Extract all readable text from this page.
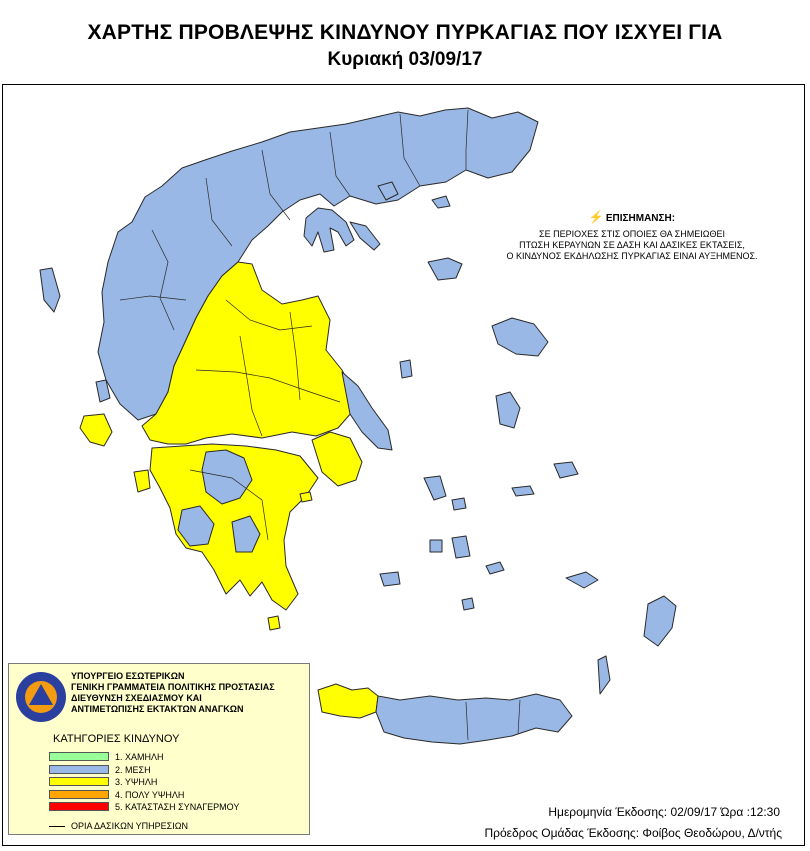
ΧΑΡΤΗΣ ΠΡΟΒΛΕΨΗΣ ΚΙΝΔΥΝΟΥ ΠΥΡΚΑΓΙΑΣ ΠΟΥ ΙΣΧΥΕΙ ΓΙΑ
Κυριακή 03/09/17
⚡ ΕΠΙΣΗΜΑΝΣΗ:
ΣΕ ΠΕΡΙΟΧΕΣ ΣΤΙΣ ΟΠΟΙΕΣ ΘΑ ΣΗΜΕΙΩΘΕΙ
ΠΤΩΣΗ ΚΕΡΑΥΝΩΝ ΣΕ ΔΑΣΗ ΚΑΙ ΔΑΣΙΚΕΣ ΕΚΤΑΣΕΙΣ,
Ο ΚΙΝΔΥΝΟΣ ΕΚΔΗΛΩΣΗΣ ΠΥΡΚΑΓΙΑΣ ΕΙΝΑΙ ΑΥΞΗΜΕΝΟΣ.
ΥΠΟΥΡΓΕΙΟ ΕΣΩΤΕΡΙΚΩΝ
ΓΕΝΙΚΗ ΓΡΑΜΜΑΤΕΙΑ ΠΟΛΙΤΙΚΗΣ ΠΡΟΣΤΑΣΙΑΣ
ΔΙΕΥΘΥΝΣΗ ΣΧΕΔΙΑΣΜΟΥ ΚΑΙ
ΑΝΤΙΜΕΤΩΠΙΣΗΣ ΕΚΤΑΚΤΩΝ ΑΝΑΓΚΩΝ
ΚΑΤΗΓΟΡΙΕΣ ΚΙΝΔΥΝΟΥ
1. ΧΑΜΗΛΗ
2. ΜΕΣΗ
3. ΥΨΗΛΗ
4. ΠΟΛΥ ΥΨΗΛΗ
5. ΚΑΤΑΣΤΑΣΗ ΣΥΝΑΓΕΡΜΟΥ
ΟΡΙΑ ΔΑΣΙΚΩΝ ΥΠΗΡΕΣΙΩΝ
Ημερομηνία Έκδοσης: 02/09/17 Ώρα :12:30
Πρόεδρος Ομάδας Έκδοσης: Φοίβος Θεοδώρου, Δ/ντής
